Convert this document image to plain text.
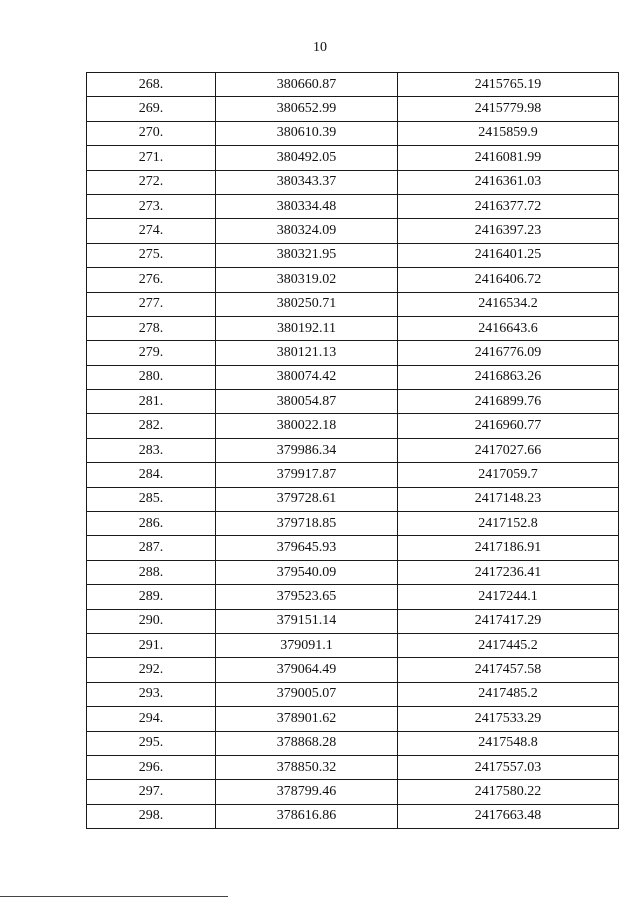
10
268.	380660.87	2415765.19
269.	380652.99	2415779.98
270.	380610.39	2415859.9
271.	380492.05	2416081.99
272.	380343.37	2416361.03
273.	380334.48	2416377.72
274.	380324.09	2416397.23
275.	380321.95	2416401.25
276.	380319.02	2416406.72
277.	380250.71	2416534.2
278.	380192.11	2416643.6
279.	380121.13	2416776.09
280.	380074.42	2416863.26
281.	380054.87	2416899.76
282.	380022.18	2416960.77
283.	379986.34	2417027.66
284.	379917.87	2417059.7
285.	379728.61	2417148.23
286.	379718.85	2417152.8
287.	379645.93	2417186.91
288.	379540.09	2417236.41
289.	379523.65	2417244.1
290.	379151.14	2417417.29
291.	379091.1	2417445.2
292.	379064.49	2417457.58
293.	379005.07	2417485.2
294.	378901.62	2417533.29
295.	378868.28	2417548.8
296.	378850.32	2417557.03
297.	378799.46	2417580.22
298.	378616.86	2417663.48
